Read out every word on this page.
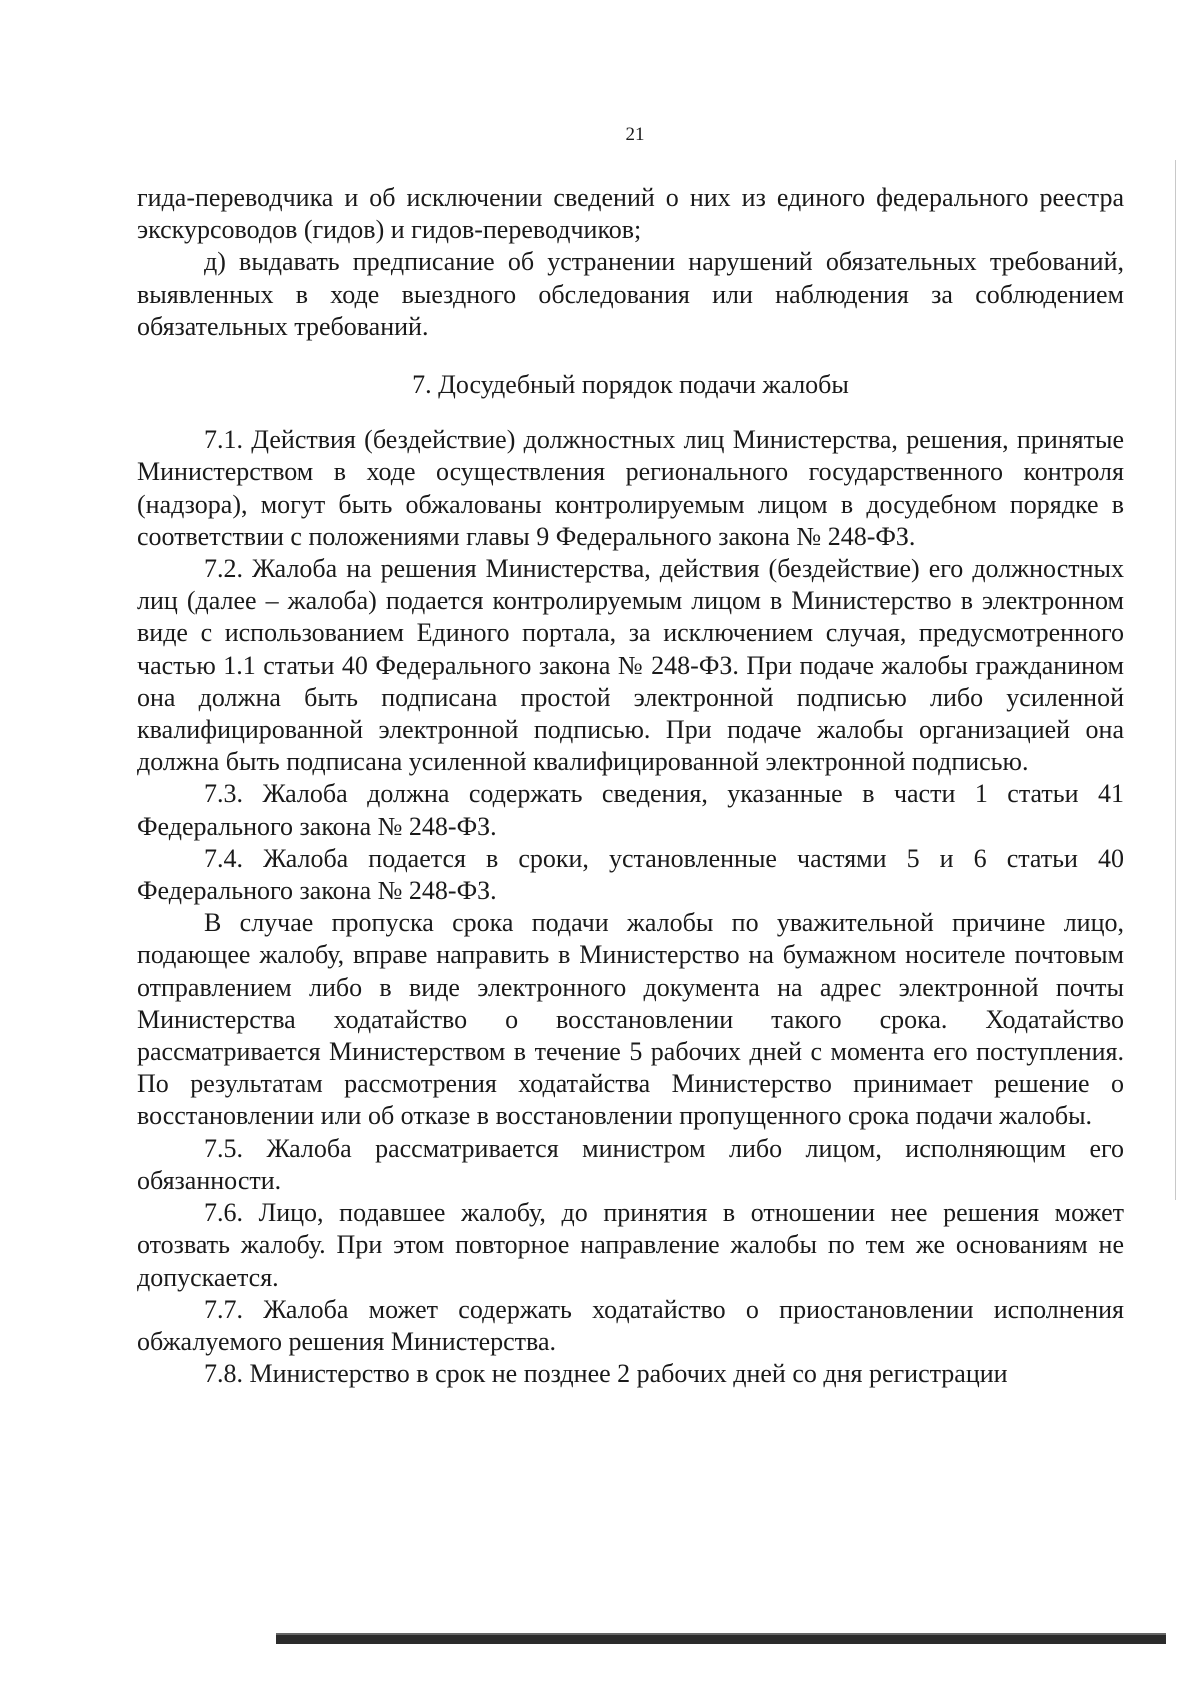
21

гида-переводчика и об исключении сведений о них из единого федерального реестра экскурсоводов (гидов) и гидов-переводчиков;

д) выдавать предписание об устранении нарушений обязательных требований, выявленных в ходе выездного обследования или наблюдения за соблюдением обязательных требований.

7. Досудебный порядок подачи жалобы

7.1. Действия (бездействие) должностных лиц Министерства, решения, принятые Министерством в ходе осуществления регионального государственного контроля (надзора), могут быть обжалованы контролируемым лицом в досудебном порядке в соответствии с положениями главы 9 Федерального закона № 248-ФЗ.

7.2. Жалоба на решения Министерства, действия (бездействие) его должностных лиц (далее – жалоба) подается контролируемым лицом в Министерство в электронном виде с использованием Единого портала, за исключением случая, предусмотренного частью 1.1 статьи 40 Федерального закона № 248-ФЗ. При подаче жалобы гражданином она должна быть подписана простой электронной подписью либо усиленной квалифицированной электронной подписью. При подаче жалобы организацией она должна быть подписана усиленной квалифицированной электронной подписью.

7.3. Жалоба должна содержать сведения, указанные в части 1 статьи 41 Федерального закона № 248-ФЗ.

7.4. Жалоба подается в сроки, установленные частями 5 и 6 статьи 40 Федерального закона № 248-ФЗ.

В случае пропуска срока подачи жалобы по уважительной причине лицо, подающее жалобу, вправе направить в Министерство на бумажном носителе почтовым отправлением либо в виде электронного документа на адрес электронной почты Министерства ходатайство о восстановлении такого срока. Ходатайство рассматривается Министерством в течение 5 рабочих дней с момента его поступления. По результатам рассмотрения ходатайства Министерство принимает решение о восстановлении или об отказе в восстановлении пропущенного срока подачи жалобы.

7.5. Жалоба рассматривается министром либо лицом, исполняющим его обязанности.

7.6. Лицо, подавшее жалобу, до принятия в отношении нее решения может отозвать жалобу. При этом повторное направление жалобы по тем же основаниям не допускается.

7.7. Жалоба может содержать ходатайство о приостановлении исполнения обжалуемого решения Министерства.

7.8. Министерство в срок не позднее 2 рабочих дней со дня регистрации
